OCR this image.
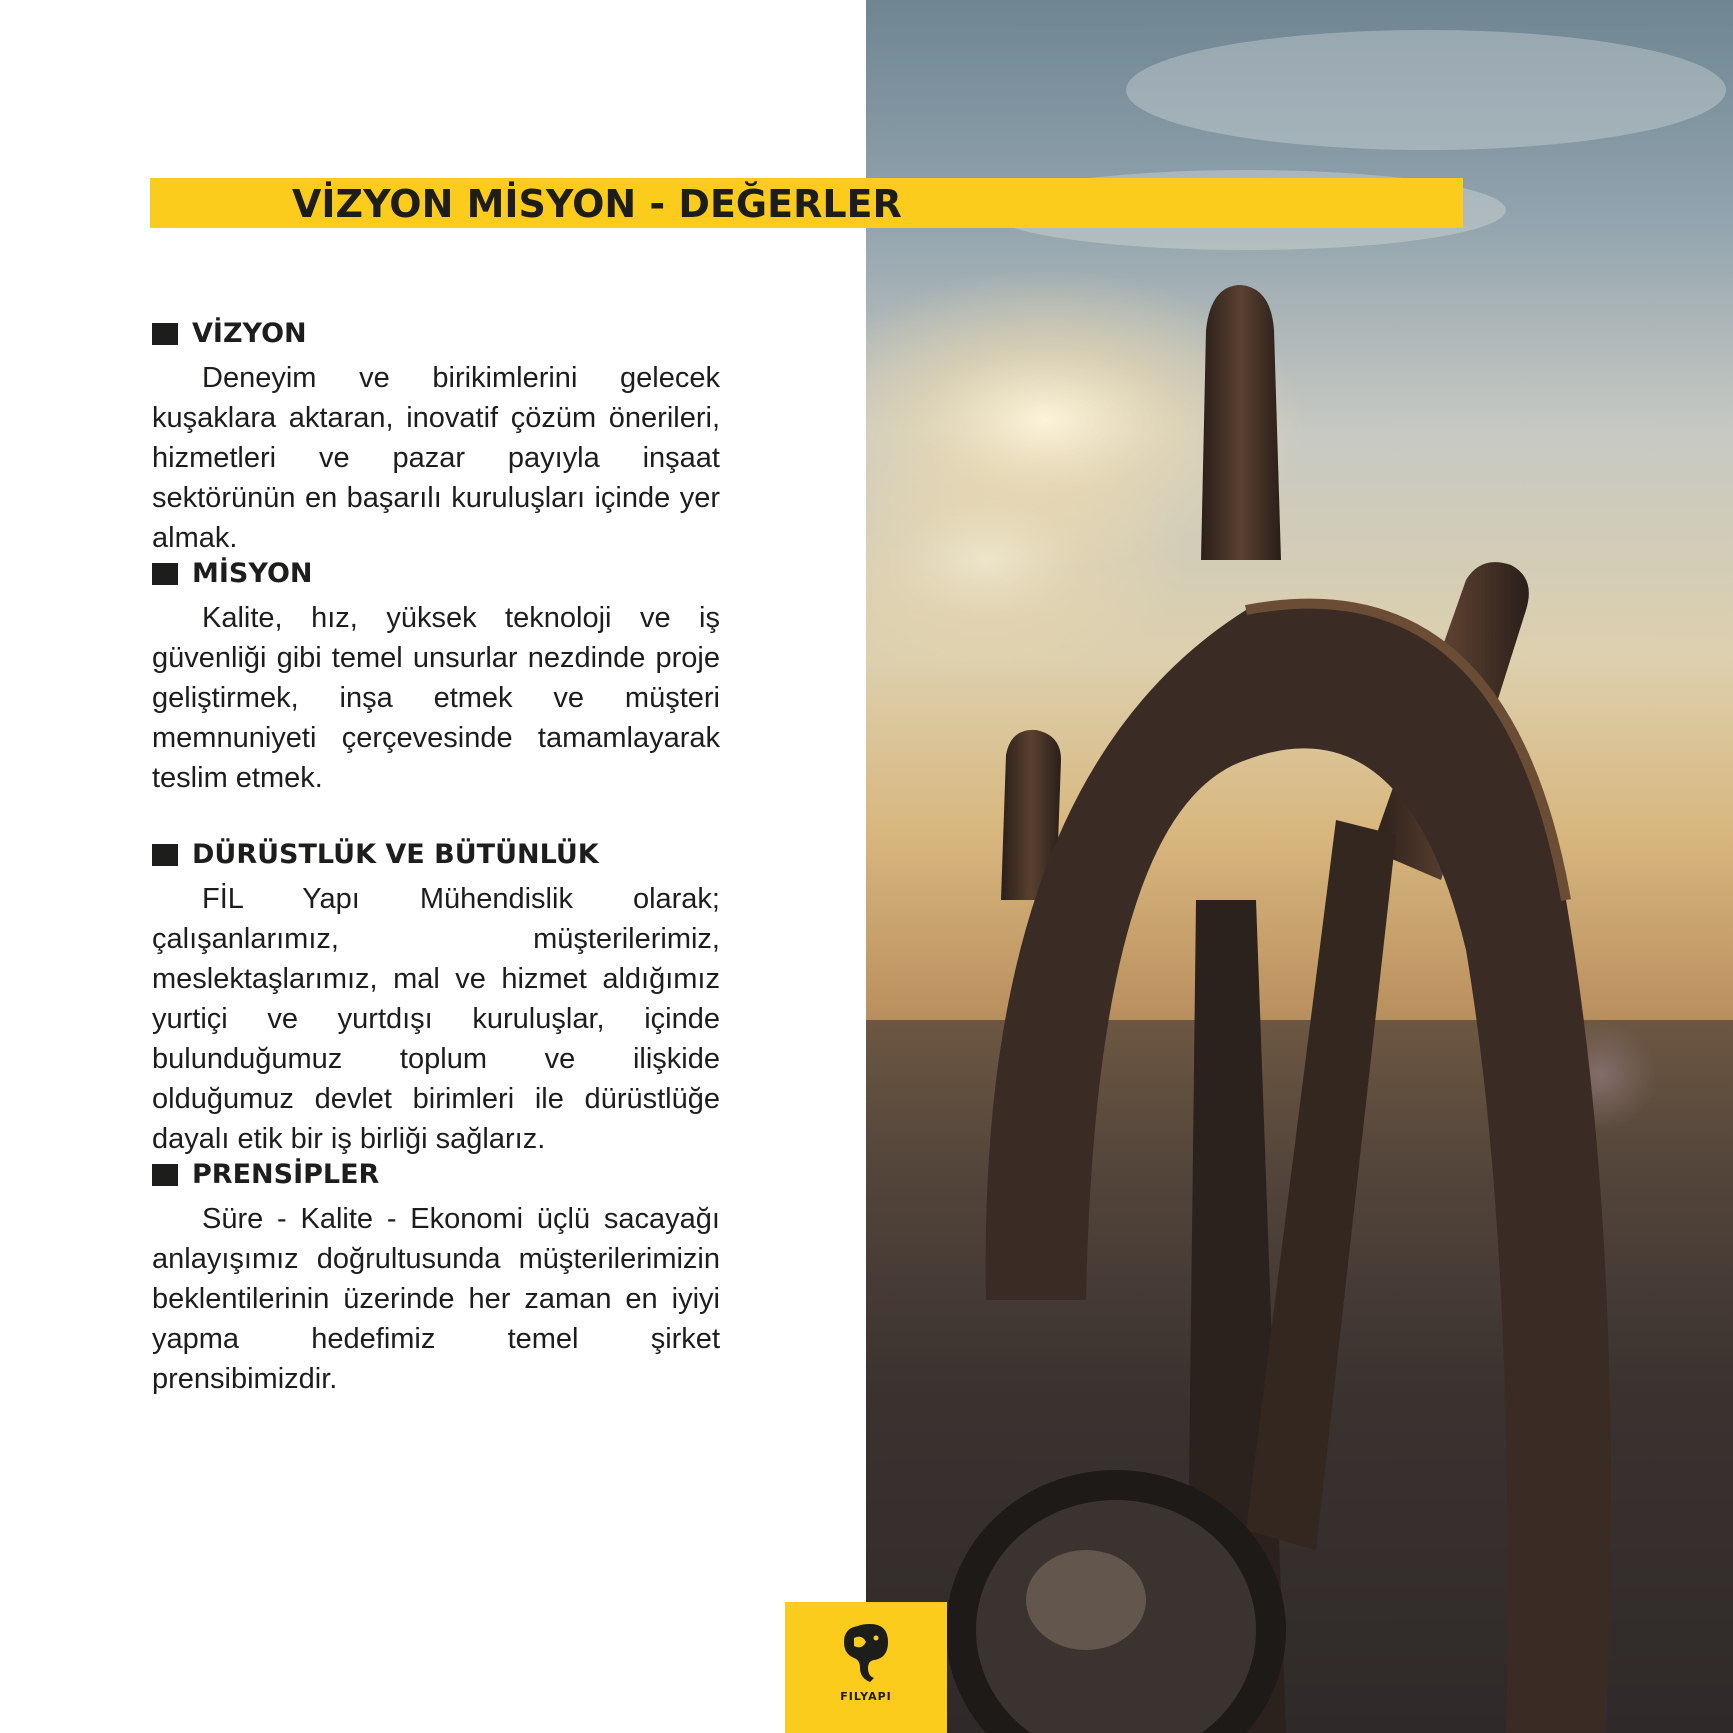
VİZYON MİSYON - DEĞERLER
VİZYON

Deneyim ve birikimlerini gelecek kuşaklara aktaran, inovatif çözüm önerileri, hizmetleri ve pazar payıyla inşaat sektörünün en başarılı kuruluşları içinde yer almak.

MİSYON

Kalite, hız, yüksek teknoloji ve iş güvenliği gibi temel unsurlar nezdinde proje geliştirmek, inşa etmek ve müşteri memnuniyeti çerçevesinde tamamlayarak teslim etmek.

DÜRÜSTLÜK VE BÜTÜNLÜK

FİL Yapı Mühendislik olarak; çalışanlarımız, müşterilerimiz, meslektaşlarımız, mal ve hizmet aldığımız yurtiçi ve yurtdışı kuruluşlar, içinde bulunduğumuz toplum ve ilişkide olduğumuz devlet birimleri ile dürüstlüğe dayalı etik bir iş birliği sağlarız.

PRENSİPLER

Süre - Kalite - Ekonomi üçlü sacayağı anlayışımız doğrultusunda müşterilerimizin beklentilerinin üzerinde her zaman en iyiyi yapma hedefimiz temel şirket prensibimizdir.

FILYAPI
